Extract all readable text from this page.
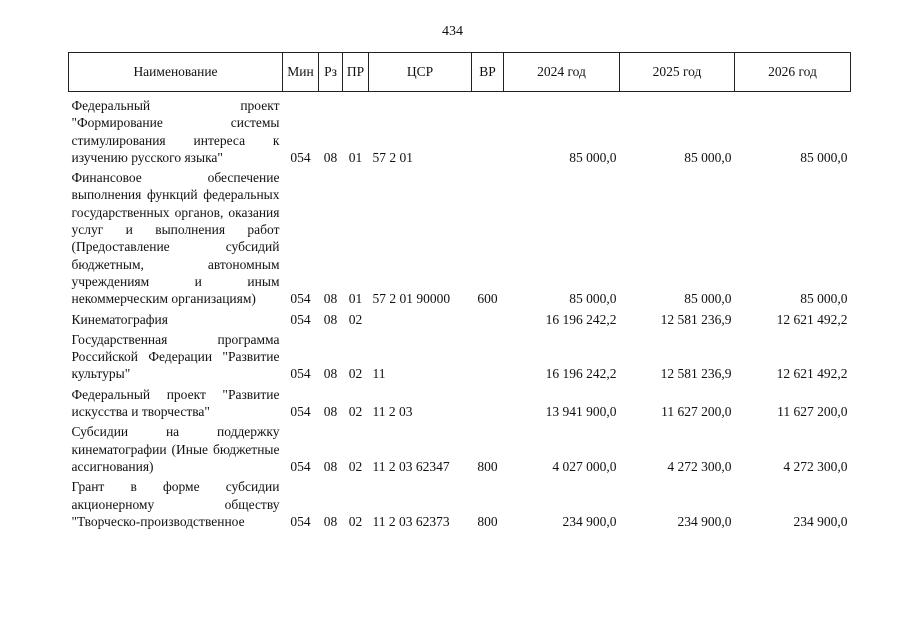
434
Наименование	Мин	Рз	ПР	ЦСР	ВР	2024 год	2025 год	2026 год
Федеральный проект "Формирование системы стимулирования интереса к изучению русского языка"	054	08	01	57 2 01		85 000,0	85 000,0	85 000,0
Финансовое обеспечение выполнения функций федеральных государственных органов, оказания услуг и выполнения работ (Предоставление субсидий бюджетным, автономным учреждениям и иным некоммерческим организациям)	054	08	01	57 2 01 90000	600	85 000,0	85 000,0	85 000,0
Кинематография	054	08	02			16 196 242,2	12 581 236,9	12 621 492,2
Государственная программа Российской Федерации "Развитие культуры"	054	08	02	11		16 196 242,2	12 581 236,9	12 621 492,2
Федеральный проект "Развитие искусства и творчества"	054	08	02	11 2 03		13 941 900,0	11 627 200,0	11 627 200,0
Субсидии на поддержку кинематографии (Иные бюджетные ассигнования)	054	08	02	11 2 03 62347	800	4 027 000,0	4 272 300,0	4 272 300,0
Грант в форме субсидии акционерному обществу "Творческо-производственное	054	08	02	11 2 03 62373	800	234 900,0	234 900,0	234 900,0
